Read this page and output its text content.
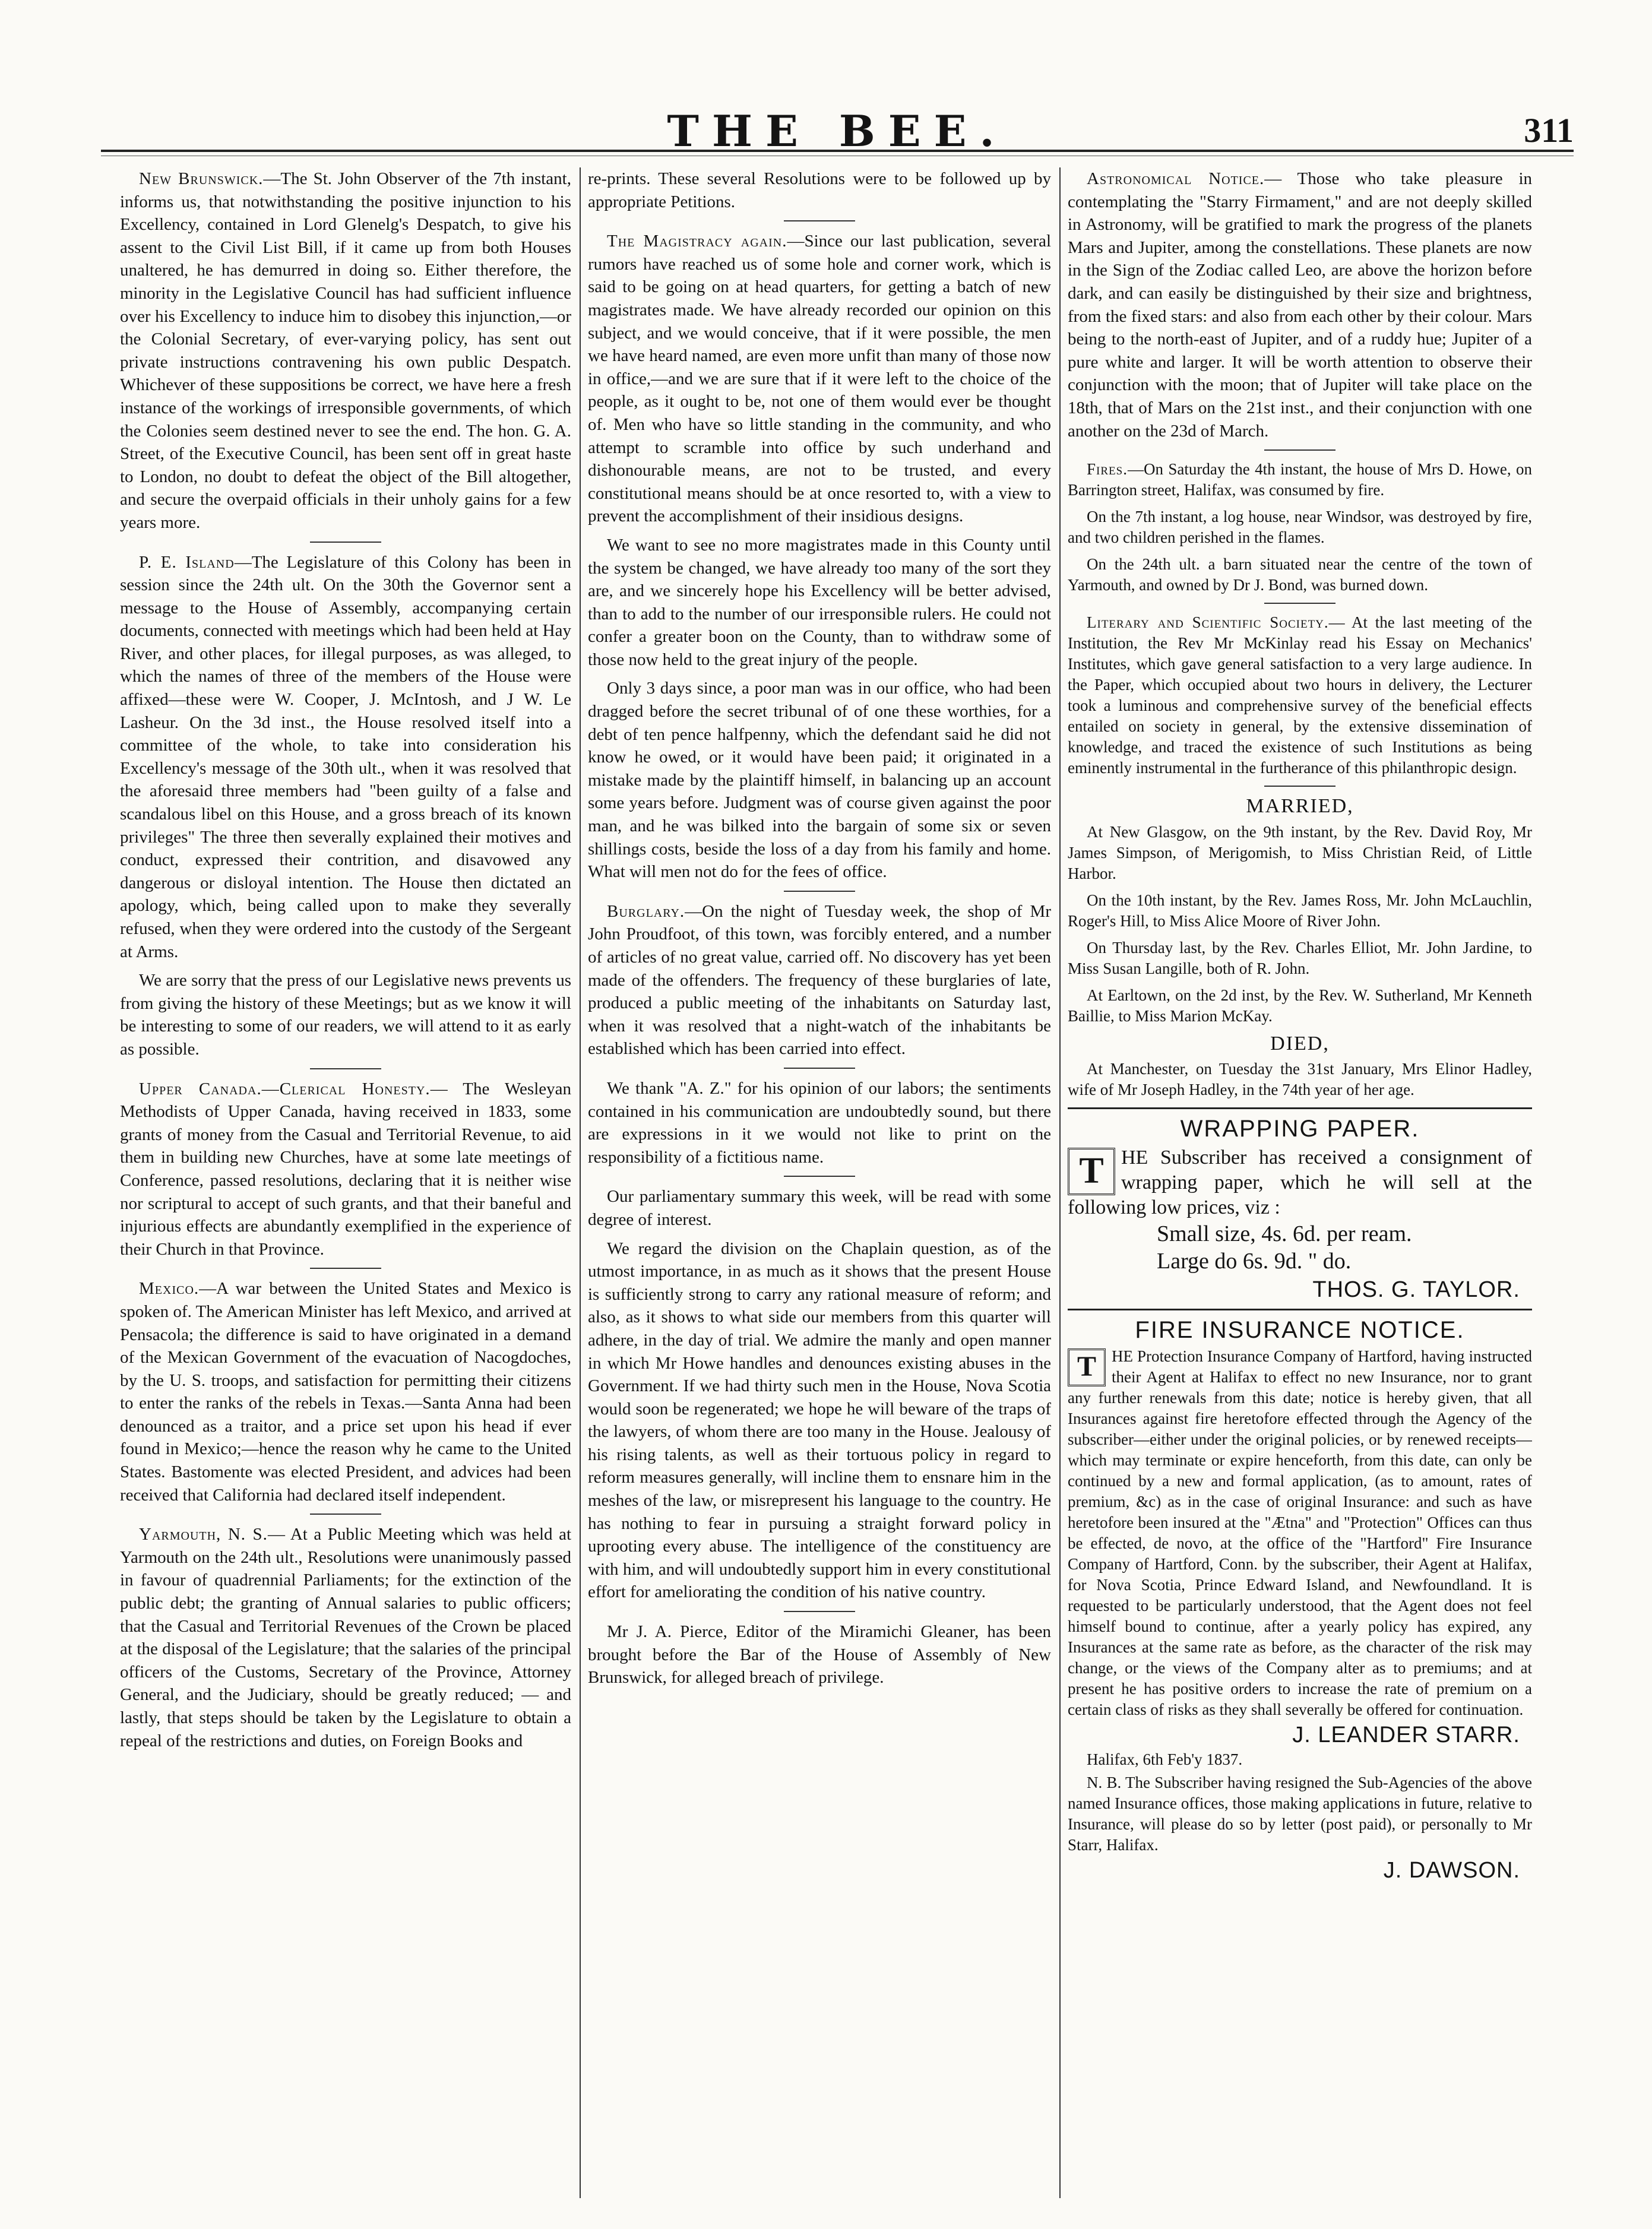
THE BEE.	311

New Brunswick.—The St. John Observer of the 7th instant, informs us, that notwithstanding the positive injunction to his Excellency, contained in Lord Glenelg's Despatch, to give his assent to the Civil List Bill, if it came up from both Houses unaltered, he has demurred in doing so. Either therefore, the minority in the Legislative Council has had sufficient influence over his Excellency to induce him to disobey this injunction,—or the Colonial Secretary, of ever-varying policy, has sent out private instructions contravening his own public Despatch. Whichever of these suppositions be correct, we have here a fresh instance of the workings of irresponsible governments, of which the Colonies seem destined never to see the end. The hon. G. A. Street, of the Executive Council, has been sent off in great haste to London, no doubt to defeat the object of the Bill altogether, and secure the overpaid officials in their unholy gains for a few years more.

P. E. Island—The Legislature of this Colony has been in session since the 24th ult. On the 30th the Governor sent a message to the House of Assembly, accompanying certain documents, connected with meetings which had been held at Hay River, and other places, for illegal purposes, as was alleged, to which the names of three of the members of the House were affixed—these were W. Cooper, J. McIntosh, and J W. Le Lasheur. On the 3d inst., the House resolved itself into a committee of the whole, to take into consideration his Excellency's message of the 30th ult., when it was resolved that the aforesaid three members had "been guilty of a false and scandalous libel on this House, and a gross breach of its known privileges" The three then severally explained their motives and conduct, expressed their contrition, and disavowed any dangerous or disloyal intention. The House then dictated an apology, which, being called upon to make they severally refused, when they were ordered into the custody of the Sergeant at Arms.

We are sorry that the press of our Legislative news prevents us from giving the history of these Meetings; but as we know it will be interesting to some of our readers, we will attend to it as early as possible.

Upper Canada.—Clerical Honesty.— The Wesleyan Methodists of Upper Canada, having received in 1833, some grants of money from the Casual and Territorial Revenue, to aid them in building new Churches, have at some late meetings of Conference, passed resolutions, declaring that it is neither wise nor scriptural to accept of such grants, and that their baneful and injurious effects are abundantly exemplified in the experience of their Church in that Province.

Mexico.—A war between the United States and Mexico is spoken of. The American Minister has left Mexico, and arrived at Pensacola; the difference is said to have originated in a demand of the Mexican Government of the evacuation of Nacogdoches, by the U. S. troops, and satisfaction for permitting their citizens to enter the ranks of the rebels in Texas.—Santa Anna had been denounced as a traitor, and a price set upon his head if ever found in Mexico;—hence the reason why he came to the United States. Bastomente was elected President, and advices had been received that California had declared itself independent.

Yarmouth, N. S.— At a Public Meeting which was held at Yarmouth on the 24th ult., Resolutions were unanimously passed in favour of quadrennial Parliaments; for the extinction of the public debt; the granting of Annual salaries to public officers; that the Casual and Territorial Revenues of the Crown be placed at the disposal of the Legislature; that the salaries of the principal officers of the Customs, Secretary of the Province, Attorney General, and the Judiciary, should be greatly reduced; — and lastly, that steps should be taken by the Legislature to obtain a repeal of the restrictions and duties, on Foreign Books and

re-prints. These several Resolutions were to be followed up by appropriate Petitions.

The Magistracy again.—Since our last publication, several rumors have reached us of some hole and corner work, which is said to be going on at head quarters, for getting a batch of new magistrates made. We have already recorded our opinion on this subject, and we would conceive, that if it were possible, the men we have heard named, are even more unfit than many of those now in office,—and we are sure that if it were left to the choice of the people, as it ought to be, not one of them would ever be thought of. Men who have so little standing in the community, and who attempt to scramble into office by such underhand and dishonourable means, are not to be trusted, and every constitutional means should be at once resorted to, with a view to prevent the accomplishment of their insidious designs.

We want to see no more magistrates made in this County until the system be changed, we have already too many of the sort they are, and we sincerely hope his Excellency will be better advised, than to add to the number of our irresponsible rulers. He could not confer a greater boon on the County, than to withdraw some of those now held to the great injury of the people.

Only 3 days since, a poor man was in our office, who had been dragged before the secret tribunal of of one these worthies, for a debt of ten pence halfpenny, which the defendant said he did not know he owed, or it would have been paid; it originated in a mistake made by the plaintiff himself, in balancing up an account some years before. Judgment was of course given against the poor man, and he was bilked into the bargain of some six or seven shillings costs, beside the loss of a day from his family and home. What will men not do for the fees of office.

Burglary.—On the night of Tuesday week, the shop of Mr John Proudfoot, of this town, was forcibly entered, and a number of articles of no great value, carried off. No discovery has yet been made of the offenders. The frequency of these burglaries of late, produced a public meeting of the inhabitants on Saturday last, when it was resolved that a night-watch of the inhabitants be established which has been carried into effect.

We thank "A. Z." for his opinion of our labors; the sentiments contained in his communication are undoubtedly sound, but there are expressions in it we would not like to print on the responsibility of a fictitious name.

Our parliamentary summary this week, will be read with some degree of interest.

We regard the division on the Chaplain question, as of the utmost importance, in as much as it shows that the present House is sufficiently strong to carry any rational measure of reform; and also, as it shows to what side our members from this quarter will adhere, in the day of trial. We admire the manly and open manner in which Mr Howe handles and denounces existing abuses in the Government. If we had thirty such men in the House, Nova Scotia would soon be regenerated; we hope he will beware of the traps of the lawyers, of whom there are too many in the House. Jealousy of his rising talents, as well as their tortuous policy in regard to reform measures generally, will incline them to ensnare him in the meshes of the law, or misrepresent his language to the country. He has nothing to fear in pursuing a straight forward policy in uprooting every abuse. The intelligence of the constituency are with him, and will undoubtedly support him in every constitutional effort for ameliorating the condition of his native country.

Mr J. A. Pierce, Editor of the Miramichi Gleaner, has been brought before the Bar of the House of Assembly of New Brunswick, for alleged breach of privilege.

Astronomical Notice.— Those who take pleasure in contemplating the "Starry Firmament," and are not deeply skilled in Astronomy, will be gratified to mark the progress of the planets Mars and Jupiter, among the constellations. These planets are now in the Sign of the Zodiac called Leo, are above the horizon before dark, and can easily be distinguished by their size and brightness, from the fixed stars: and also from each other by their colour. Mars being to the north-east of Jupiter, and of a ruddy hue; Jupiter of a pure white and larger. It will be worth attention to observe their conjunction with the moon; that of Jupiter will take place on the 18th, that of Mars on the 21st inst., and their conjunction with one another on the 23d of March.

Fires.—On Saturday the 4th instant, the house of Mrs D. Howe, on Barrington street, Halifax, was consumed by fire.

On the 7th instant, a log house, near Windsor, was destroyed by fire, and two children perished in the flames.

On the 24th ult. a barn situated near the centre of the town of Yarmouth, and owned by Dr J. Bond, was burned down.

Literary and Scientific Society.— At the last meeting of the Institution, the Rev Mr McKinlay read his Essay on Mechanics' Institutes, which gave general satisfaction to a very large audience. In the Paper, which occupied about two hours in delivery, the Lecturer took a luminous and comprehensive survey of the beneficial effects entailed on society in general, by the extensive dissemination of knowledge, and traced the existence of such Institutions as being eminently instrumental in the furtherance of this philanthropic design.

MARRIED,

At New Glasgow, on the 9th instant, by the Rev. David Roy, Mr James Simpson, of Merigomish, to Miss Christian Reid, of Little Harbor.

On the 10th instant, by the Rev. James Ross, Mr. John McLauchlin, Roger's Hill, to Miss Alice Moore of River John.

On Thursday last, by the Rev. Charles Elliot, Mr. John Jardine, to Miss Susan Langille, both of R. John.

At Earltown, on the 2d inst, by the Rev. W. Sutherland, Mr Kenneth Baillie, to Miss Marion McKay.

DIED,

At Manchester, on Tuesday the 31st January, Mrs Elinor Hadley, wife of Mr Joseph Hadley, in the 74th year of her age.

WRAPPING PAPER.
T HE Subscriber has received a consignment of wrapping paper, which he will sell at the following low prices, viz :
Small size, 4s. 6d. per ream.
Large do 6s. 9d. " do.
THOS. G. TAYLOR.
FIRE INSURANCE NOTICE.
T HE Protection Insurance Company of Hartford, having instructed their Agent at Halifax to effect no new Insurance, nor to grant any further renewals from this date; notice is hereby given, that all Insurances against fire heretofore effected through the Agency of the subscriber—either under the original policies, or by renewed receipts—which may terminate or expire henceforth, from this date, can only be continued by a new and formal application, (as to amount, rates of premium, &c) as in the case of original Insurance: and such as have heretofore been insured at the "Ætna" and "Protection" Offices can thus be effected, de novo, at the office of the "Hartford" Fire Insurance Company of Hartford, Conn. by the subscriber, their Agent at Halifax, for Nova Scotia, Prince Edward Island, and Newfoundland. It is requested to be particularly understood, that the Agent does not feel himself bound to continue, after a yearly policy has expired, any Insurances at the same rate as before, as the character of the risk may change, or the views of the Company alter as to premiums; and at present he has positive orders to increase the rate of premium on a certain class of risks as they shall severally be offered for continuation.
J. LEANDER STARR.
Halifax, 6th Feb'y 1837.
N. B. The Subscriber having resigned the Sub-Agencies of the above named Insurance offices, those making applications in future, relative to Insurance, will please do so by letter (post paid), or personally to Mr Starr, Halifax.
J. DAWSON.
